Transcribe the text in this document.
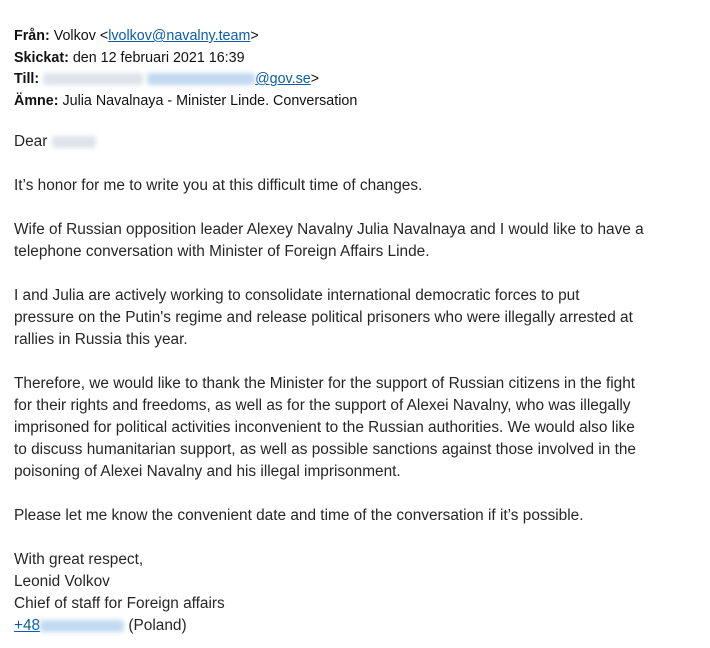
Från: Volkov <lvolkov@navalny.team>
Skickat: den 12 februari 2021 16:39
Till:	@gov.se>
Ämne: Julia Navalnaya - Minister Linde. Conversation

Dear

It’s honor for me to write you at this difficult time of changes.

Wife of Russian opposition leader Alexey Navalny Julia Navalnaya and I would like to have a
telephone conversation with Minister of Foreign Affairs Linde.

I and Julia are actively working to consolidate international democratic forces to put
pressure on the Putin's regime and release political prisoners who were illegally arrested at
rallies in Russia this year.

Therefore, we would like to thank the Minister for the support of Russian citizens in the fight
for their rights and freedoms, as well as for the support of Alexei Navalny, who was illegally
imprisoned for political activities inconvenient to the Russian authorities. We would also like
to discuss humanitarian support, as well as possible sanctions against those involved in the
poisoning of Alexei Navalny and his illegal imprisonment.

Please let me know the convenient date and time of the conversation if it’s possible.

With great respect,
Leonid Volkov
Chief of staff for Foreign affairs
+48	(Poland)
